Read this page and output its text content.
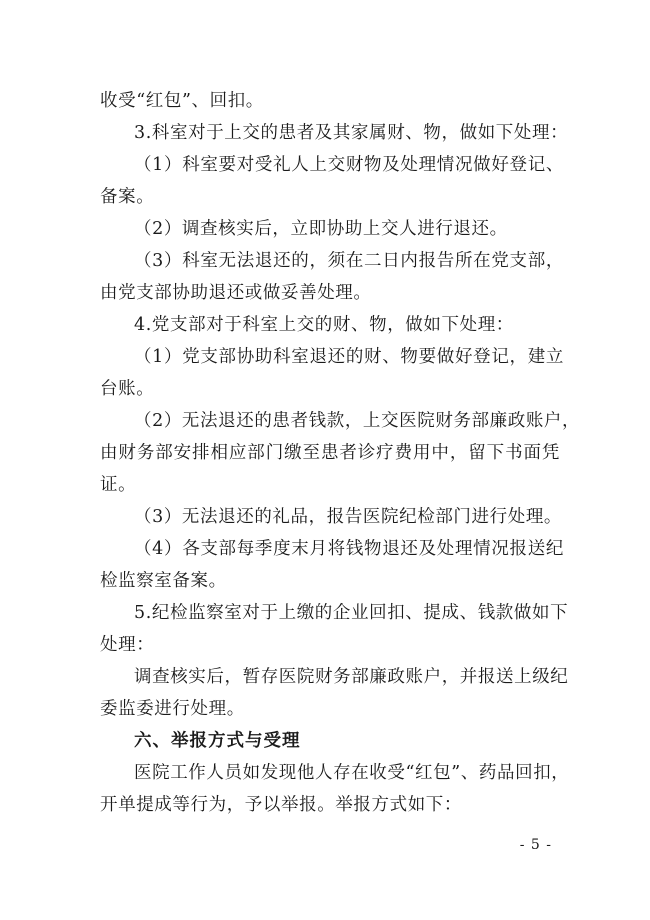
收受“红包”、回扣。
3.科室对于上交的患者及其家属财、物，做如下处理：
（1）科室要对受礼人上交财物及处理情况做好登记、
备案。
（2）调查核实后，立即协助上交人进行退还。
（3）科室无法退还的，须在二日内报告所在党支部，
由党支部协助退还或做妥善处理。
4.党支部对于科室上交的财、物，做如下处理：
（1）党支部协助科室退还的财、物要做好登记，建立
台账。
（2）无法退还的患者钱款，上交医院财务部廉政账户，
由财务部安排相应部门缴至患者诊疗费用中，留下书面凭
证。
（3）无法退还的礼品，报告医院纪检部门进行处理。
（4）各支部每季度末月将钱物退还及处理情况报送纪
检监察室备案。
5.纪检监察室对于上缴的企业回扣、提成、钱款做如下
处理：
调查核实后，暂存医院财务部廉政账户，并报送上级纪
委监委进行处理。
六、举报方式与受理
医院工作人员如发现他人存在收受“红包”、药品回扣，
开单提成等行为，予以举报。举报方式如下：
- 5 -
